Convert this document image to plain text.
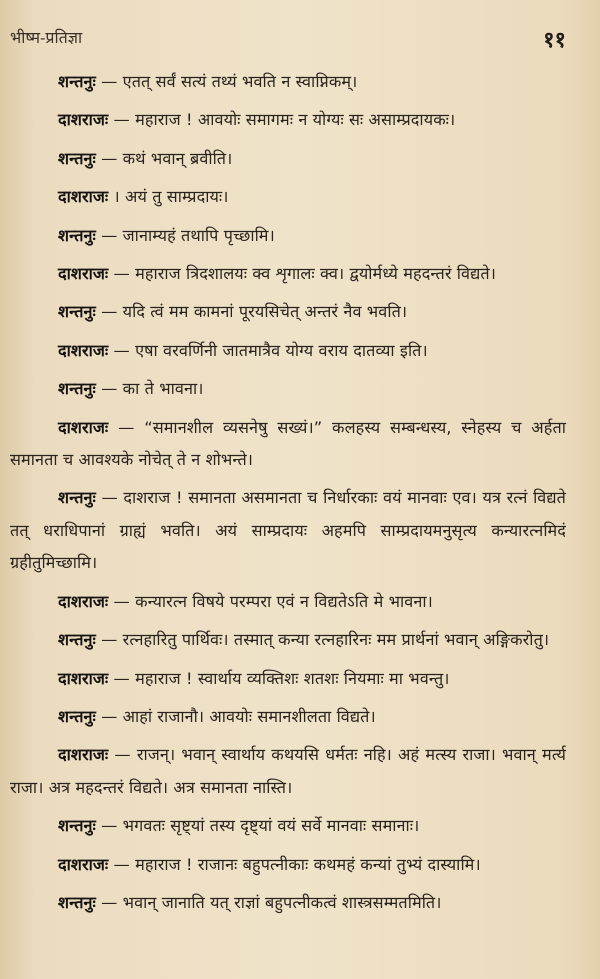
भीष्म-प्रतिज्ञा	११

शन्तनुः — एतत् सर्वं सत्यं तथ्यं भवति न स्वाप्निकम्।

दाशराजः — महाराज ! आवयोः समागमः न योग्यः सः असाम्प्रदायकः।

शन्तनुः — कथं भवान् ब्रवीति।

दाशराजः । अयं तु साम्प्रदायः।

शन्तनुः — जानाम्यहं तथापि पृच्छामि।

दाशराजः — महाराज त्रिदशालयः क्व शृगालः क्व। द्वयोर्मध्ये महदन्तरं विद्यते।

शन्तनुः — यदि त्वं मम कामनां पूरयसिचेत् अन्तरं नैव भवति।

दाशराजः — एषा वरवर्णिनी जातमात्रैव योग्य वराय दातव्या इति।

शन्तनुः — का ते भावना।

दाशराजः — “समानशील व्यसनेषु सख्यं।” कलहस्य सम्बन्धस्य, स्नेहस्य च अर्हता समानता च आवश्यके नोचेत् ते न शोभन्ते।

शन्तनुः — दाशराज ! समानता असमानता च निर्धारकाः वयं मानवाः एव। यत्र रत्नं विद्यते तत् धराधिपानां ग्राह्यं भवति। अयं साम्प्रदायः अहमपि साम्प्रदायमनुसृत्य कन्यारत्नमिदं ग्रहीतुमिच्छामि।

दाशराजः — कन्यारत्न विषये परम्परा एवं न विद्यतेऽति मे भावना।

शन्तनुः — रत्नहारितु पार्थिवः। तस्मात् कन्या रत्नहारिनः मम प्रार्थनां भवान् अङ्गिकरोतु।

दाशराजः — महाराज ! स्वार्थाय व्यक्तिशः शतशः नियमाः मा भवन्तु।

शन्तनुः — आहां राजानौ। आवयोः समानशीलता विद्यते।

दाशराजः — राजन्। भवान् स्वार्थाय कथयसि धर्मतः नहि। अहं मत्स्य राजा। भवान् मर्त्य राजा। अत्र महदन्तरं विद्यते। अत्र समानता नास्ति।

शन्तनुः — भगवतः सृष्ट्यां तस्य दृष्ट्यां वयं सर्वे मानवाः समानाः।

दाशराजः — महाराज ! राजानः बहुपत्नीकाः कथमहं कन्यां तुभ्यं दास्यामि।

शन्तनुः — भवान् जानाति यत् राज्ञां बहुपत्नीकत्वं शास्त्रसम्मतमिति।
